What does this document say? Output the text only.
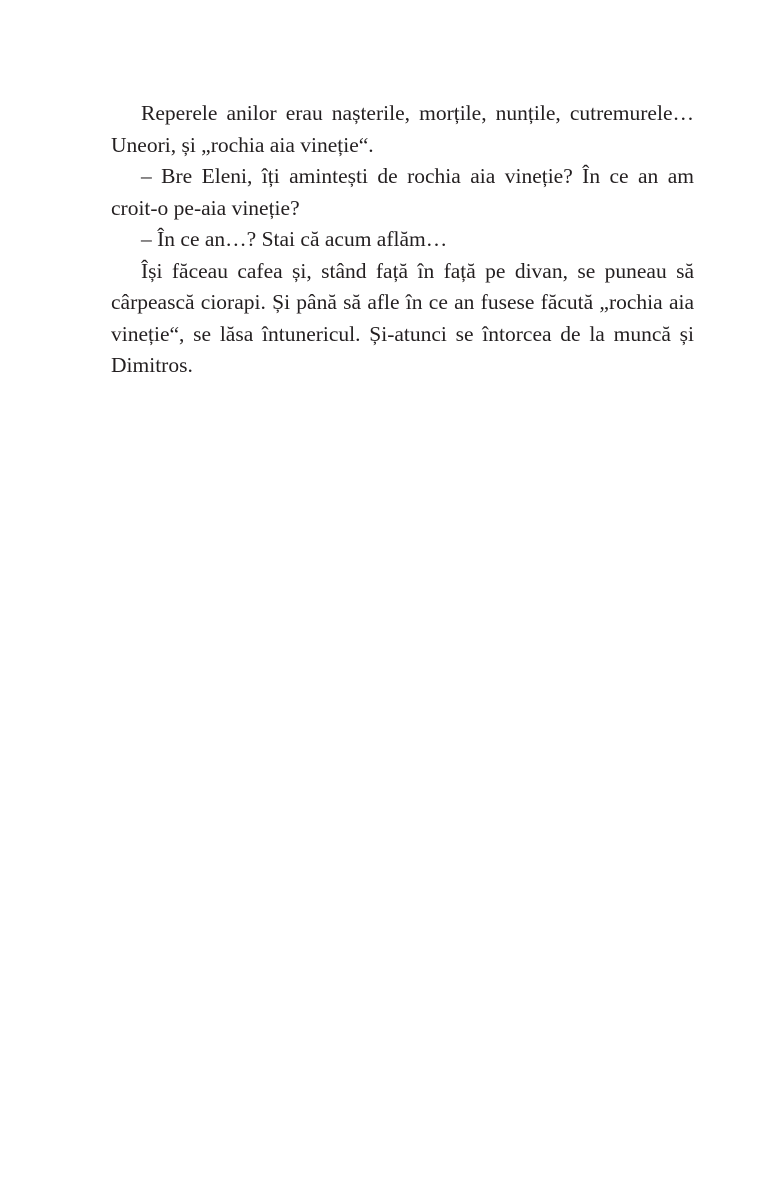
Reperele anilor erau nașterile, morțile, nunțile, cutremurele… Uneori, și „rochia aia vineție“.

– Bre Eleni, îți amintești de rochia aia vineție? În ce an am croit-o pe-aia vineție?

– În ce an…? Stai că acum aflăm…

Își făceau cafea și, stând față în față pe divan, se puneau să cârpească ciorapi. Și până să afle în ce an fusese făcută „rochia aia vineție“, se lăsa întunericul. Și-atunci se întorcea de la muncă și Dimitros.
